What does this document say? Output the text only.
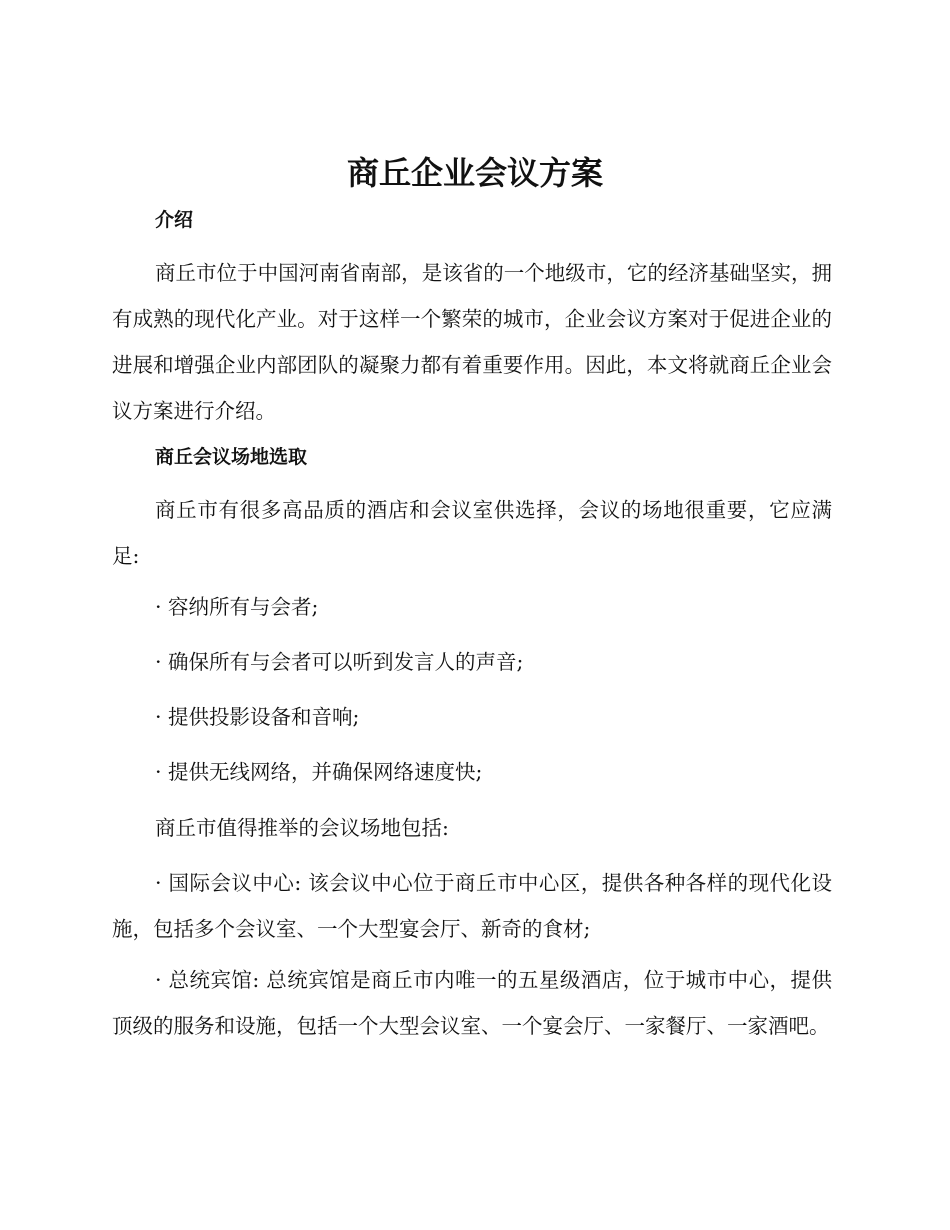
商丘企业会议方案
介绍

商丘市位于中国河南省南部，是该省的一个地级市，它的经济基础坚实，拥有成熟的现代化产业。对于这样一个繁荣的城市，企业会议方案对于促进企业的进展和增强企业内部团队的凝聚力都有着重要作用。因此，本文将就商丘企业会议方案进行介绍。

商丘会议场地选取

商丘市有很多高品质的酒店和会议室供选择，会议的场地很重要，它应满足:

· 容纳所有与会者;

· 确保所有与会者可以听到发言人的声音;

· 提供投影设备和音响;

· 提供无线网络，并确保网络速度快;

商丘市值得推举的会议场地包括:

· 国际会议中心: 该会议中心位于商丘市中心区，提供各种各样的现代化设施，包括多个会议室、一个大型宴会厅、新奇的食材;

· 总统宾馆: 总统宾馆是商丘市内唯一的五星级酒店，位于城市中心，提供顶级的服务和设施，包括一个大型会议室、一个宴会厅、一家餐厅、一家酒吧。
